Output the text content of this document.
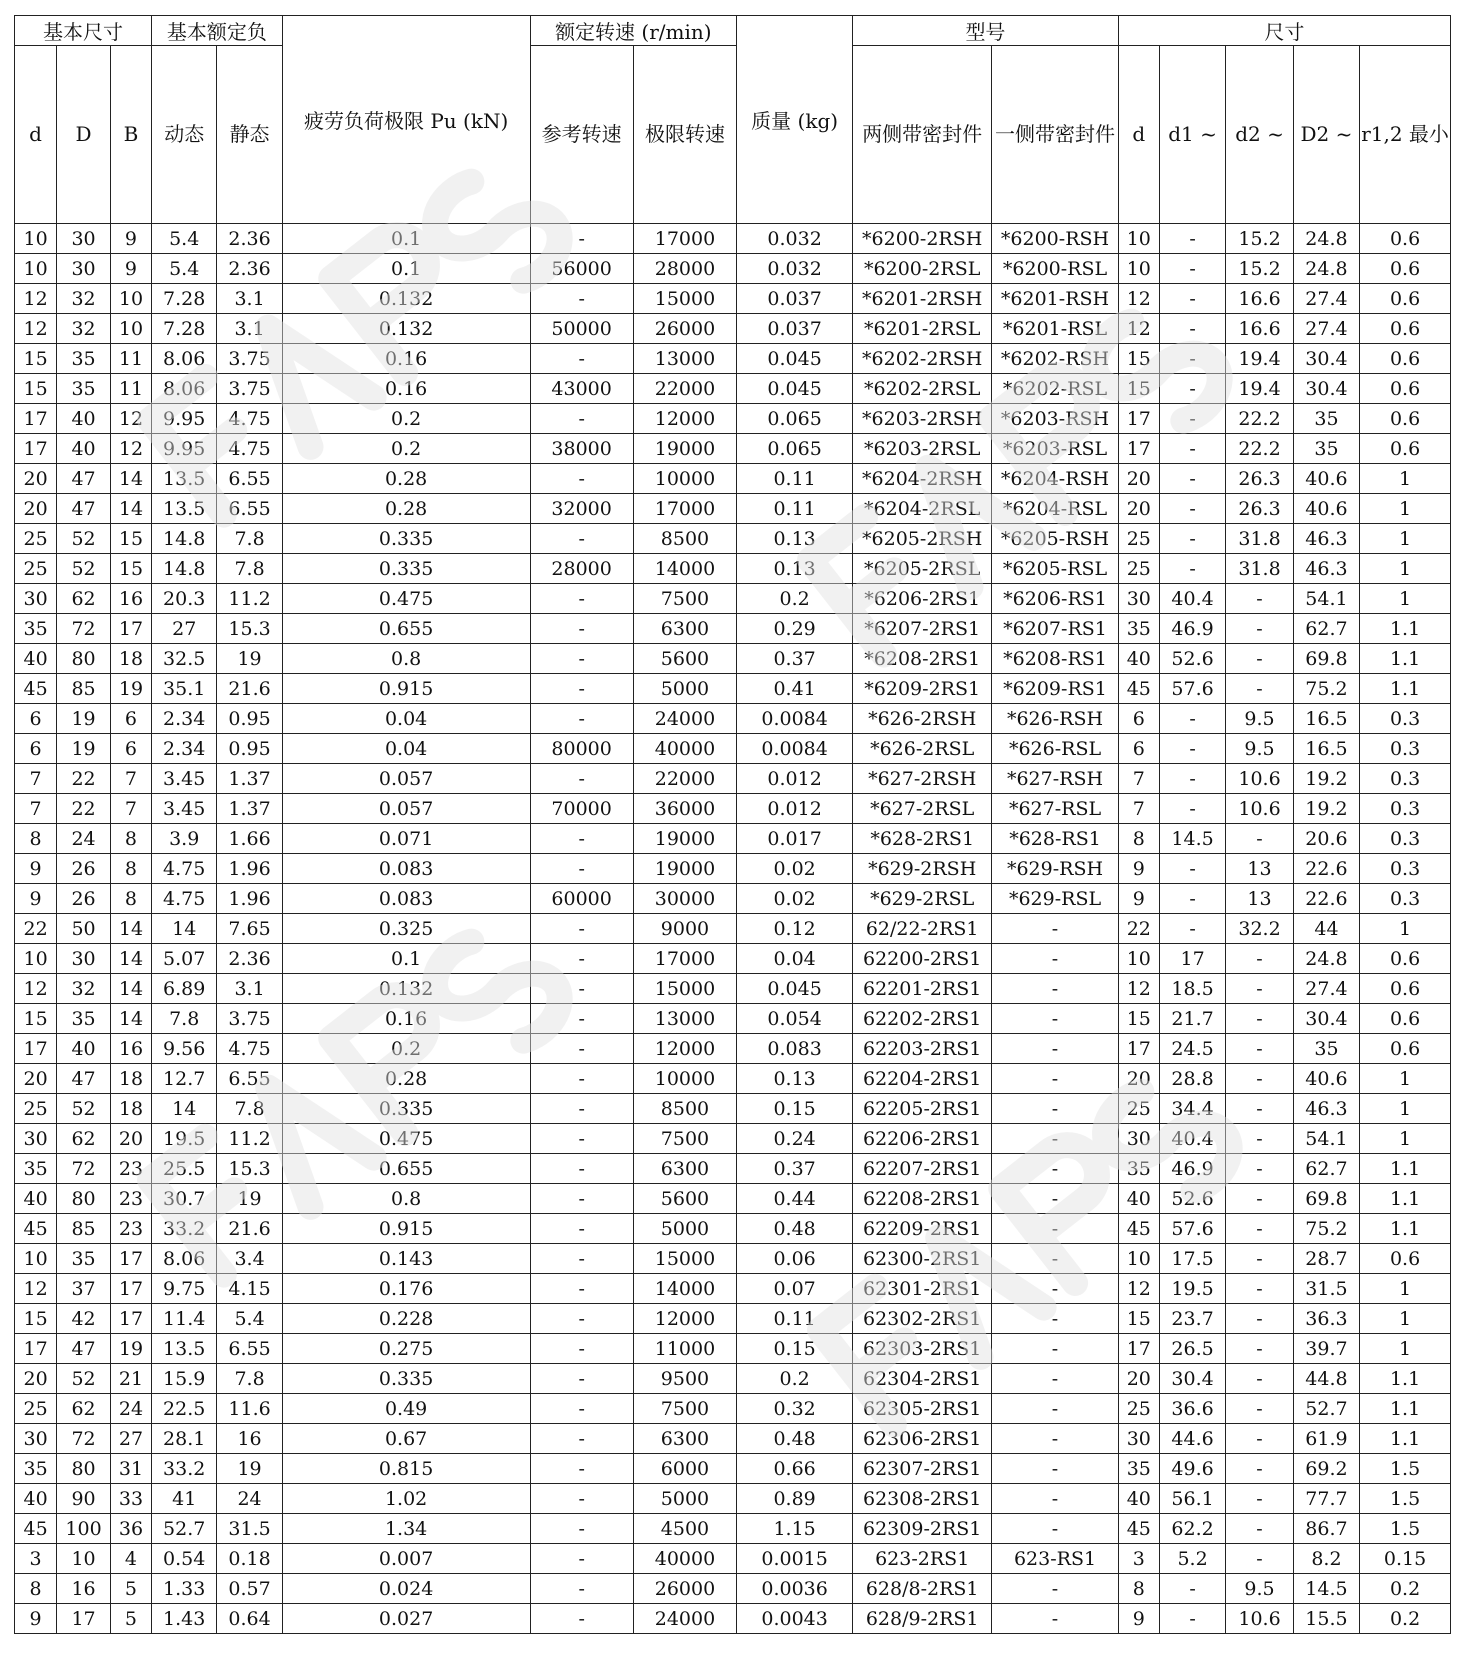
基本尺寸			基本额定负		疲劳负荷极限 Pu (kN)	额定转速 (r/min)		质量 (kg)	型号		尺寸				
d	D	B	动态	静态		参考转速	极限转速		两侧带密封件	一侧带密封件	d	d1 ~	d2 ~	D2 ~	r1,2 最小
10	30	9	5.4	2.36	0.1	-	17000	0.032	*6200-2RSH	*6200-RSH	10	-	15.2	24.8	0.6
10	30	9	5.4	2.36	0.1	56000	28000	0.032	*6200-2RSL	*6200-RSL	10	-	15.2	24.8	0.6
12	32	10	7.28	3.1	0.132	-	15000	0.037	*6201-2RSH	*6201-RSH	12	-	16.6	27.4	0.6
12	32	10	7.28	3.1	0.132	50000	26000	0.037	*6201-2RSL	*6201-RSL	12	-	16.6	27.4	0.6
15	35	11	8.06	3.75	0.16	-	13000	0.045	*6202-2RSH	*6202-RSH	15	-	19.4	30.4	0.6
15	35	11	8.06	3.75	0.16	43000	22000	0.045	*6202-2RSL	*6202-RSL	15	-	19.4	30.4	0.6
17	40	12	9.95	4.75	0.2	-	12000	0.065	*6203-2RSH	*6203-RSH	17	-	22.2	35	0.6
17	40	12	9.95	4.75	0.2	38000	19000	0.065	*6203-2RSL	*6203-RSL	17	-	22.2	35	0.6
20	47	14	13.5	6.55	0.28	-	10000	0.11	*6204-2RSH	*6204-RSH	20	-	26.3	40.6	1
20	47	14	13.5	6.55	0.28	32000	17000	0.11	*6204-2RSL	*6204-RSL	20	-	26.3	40.6	1
25	52	15	14.8	7.8	0.335	-	8500	0.13	*6205-2RSH	*6205-RSH	25	-	31.8	46.3	1
25	52	15	14.8	7.8	0.335	28000	14000	0.13	*6205-2RSL	*6205-RSL	25	-	31.8	46.3	1
30	62	16	20.3	11.2	0.475	-	7500	0.2	*6206-2RS1	*6206-RS1	30	40.4	-	54.1	1
35	72	17	27	15.3	0.655	-	6300	0.29	*6207-2RS1	*6207-RS1	35	46.9	-	62.7	1.1
40	80	18	32.5	19	0.8	-	5600	0.37	*6208-2RS1	*6208-RS1	40	52.6	-	69.8	1.1
45	85	19	35.1	21.6	0.915	-	5000	0.41	*6209-2RS1	*6209-RS1	45	57.6	-	75.2	1.1
6	19	6	2.34	0.95	0.04	-	24000	0.0084	*626-2RSH	*626-RSH	6	-	9.5	16.5	0.3
6	19	6	2.34	0.95	0.04	80000	40000	0.0084	*626-2RSL	*626-RSL	6	-	9.5	16.5	0.3
7	22	7	3.45	1.37	0.057	-	22000	0.012	*627-2RSH	*627-RSH	7	-	10.6	19.2	0.3
7	22	7	3.45	1.37	0.057	70000	36000	0.012	*627-2RSL	*627-RSL	7	-	10.6	19.2	0.3
8	24	8	3.9	1.66	0.071	-	19000	0.017	*628-2RS1	*628-RS1	8	14.5	-	20.6	0.3
9	26	8	4.75	1.96	0.083	-	19000	0.02	*629-2RSH	*629-RSH	9	-	13	22.6	0.3
9	26	8	4.75	1.96	0.083	60000	30000	0.02	*629-2RSL	*629-RSL	9	-	13	22.6	0.3
22	50	14	14	7.65	0.325	-	9000	0.12	62/22-2RS1	-	22	-	32.2	44	1
10	30	14	5.07	2.36	0.1	-	17000	0.04	62200-2RS1	-	10	17	-	24.8	0.6
12	32	14	6.89	3.1	0.132	-	15000	0.045	62201-2RS1	-	12	18.5	-	27.4	0.6
15	35	14	7.8	3.75	0.16	-	13000	0.054	62202-2RS1	-	15	21.7	-	30.4	0.6
17	40	16	9.56	4.75	0.2	-	12000	0.083	62203-2RS1	-	17	24.5	-	35	0.6
20	47	18	12.7	6.55	0.28	-	10000	0.13	62204-2RS1	-	20	28.8	-	40.6	1
25	52	18	14	7.8	0.335	-	8500	0.15	62205-2RS1	-	25	34.4	-	46.3	1
30	62	20	19.5	11.2	0.475	-	7500	0.24	62206-2RS1	-	30	40.4	-	54.1	1
35	72	23	25.5	15.3	0.655	-	6300	0.37	62207-2RS1	-	35	46.9	-	62.7	1.1
40	80	23	30.7	19	0.8	-	5600	0.44	62208-2RS1	-	40	52.6	-	69.8	1.1
45	85	23	33.2	21.6	0.915	-	5000	0.48	62209-2RS1	-	45	57.6	-	75.2	1.1
10	35	17	8.06	3.4	0.143	-	15000	0.06	62300-2RS1	-	10	17.5	-	28.7	0.6
12	37	17	9.75	4.15	0.176	-	14000	0.07	62301-2RS1	-	12	19.5	-	31.5	1
15	42	17	11.4	5.4	0.228	-	12000	0.11	62302-2RS1	-	15	23.7	-	36.3	1
17	47	19	13.5	6.55	0.275	-	11000	0.15	62303-2RS1	-	17	26.5	-	39.7	1
20	52	21	15.9	7.8	0.335	-	9500	0.2	62304-2RS1	-	20	30.4	-	44.8	1.1
25	62	24	22.5	11.6	0.49	-	7500	0.32	62305-2RS1	-	25	36.6	-	52.7	1.1
30	72	27	28.1	16	0.67	-	6300	0.48	62306-2RS1	-	30	44.6	-	61.9	1.1
35	80	31	33.2	19	0.815	-	6000	0.66	62307-2RS1	-	35	49.6	-	69.2	1.5
40	90	33	41	24	1.02	-	5000	0.89	62308-2RS1	-	40	56.1	-	77.7	1.5
45	100	36	52.7	31.5	1.34	-	4500	1.15	62309-2RS1	-	45	62.2	-	86.7	1.5
3	10	4	0.54	0.18	0.007	-	40000	0.0015	623-2RS1	623-RS1	3	5.2	-	8.2	0.15
8	16	5	1.33	0.57	0.024	-	26000	0.0036	628/8-2RS1	-	8	-	9.5	14.5	0.2
9	17	5	1.43	0.64	0.027	-	24000	0.0043	628/9-2RS1	-	9	-	10.6	15.5	0.2
